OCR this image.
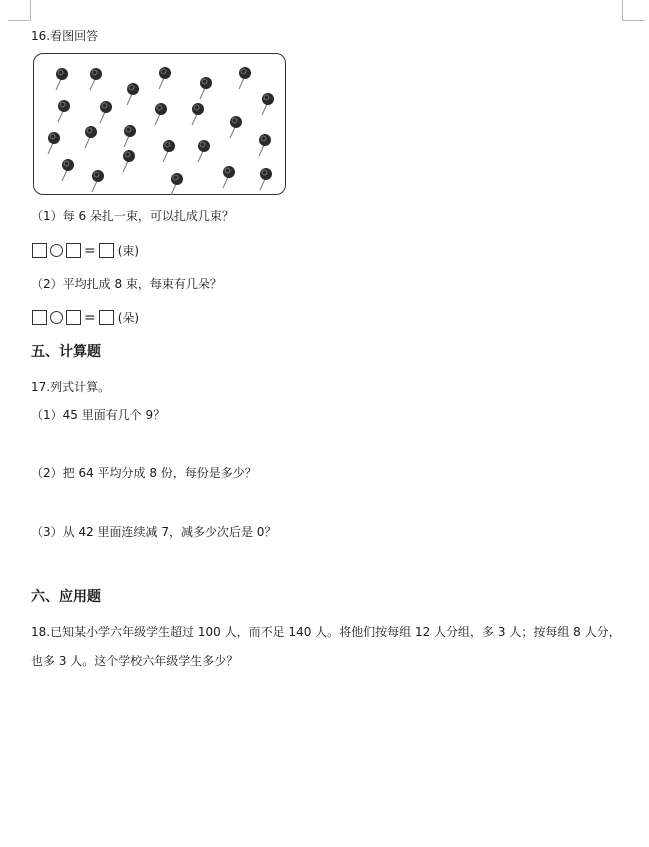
16.看图回答
（1）每 6 朵扎一束，可以扎成几束？
= (束)
（2）平均扎成 8 束，每束有几朵？
= (朵)
五、计算题
17.列式计算。
（1）45 里面有几个 9？
（2）把 64 平均分成 8 份，每份是多少？
（3）从 42 里面连续减 7，减多少次后是 0？
六、应用题
18.已知某小学六年级学生超过 100 人，而不足 140 人。将他们按每组 12 人分组，多 3 人；按每组 8 人分，
也多 3 人。这个学校六年级学生多少？
